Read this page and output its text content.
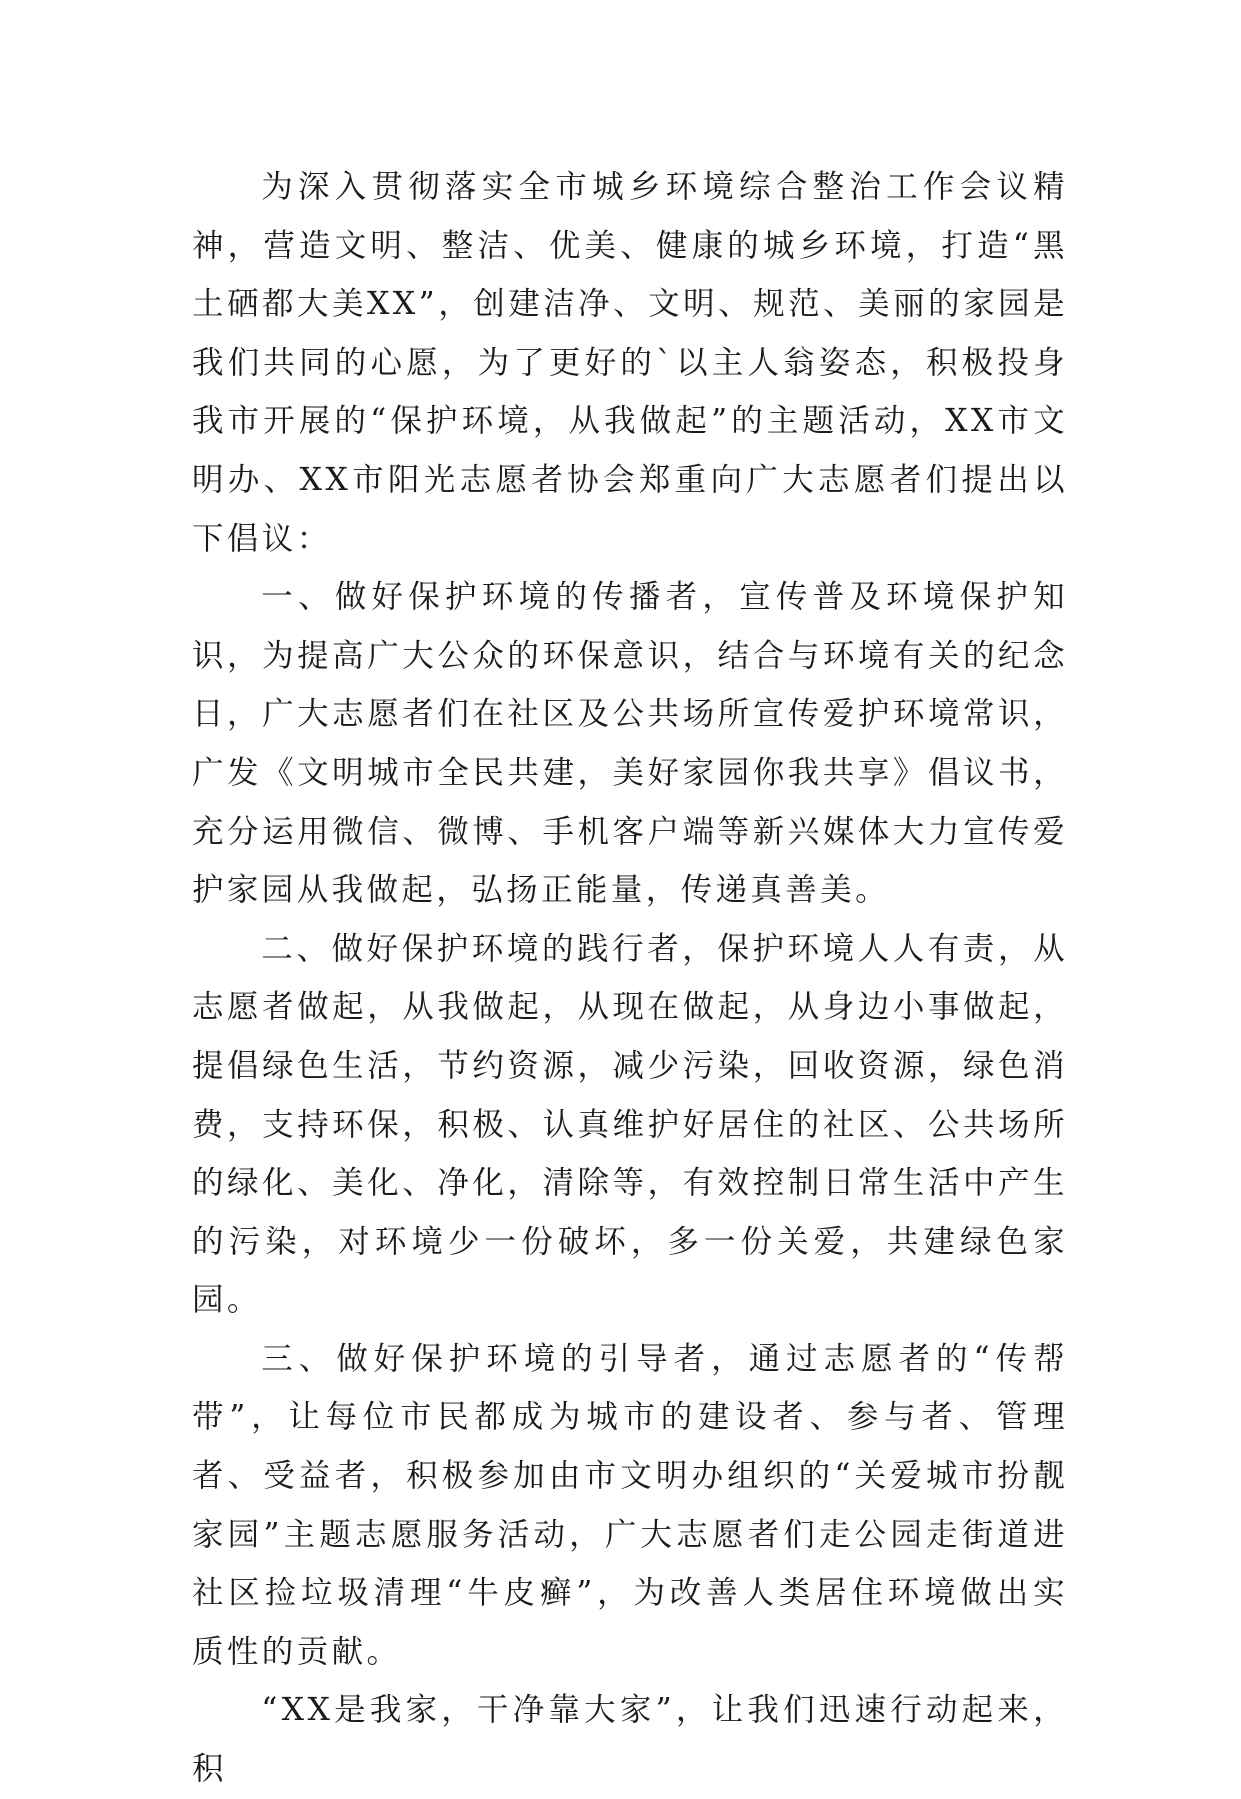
为深入贯彻落实全市城乡环境综合整治工作会议精神，营造文明、整洁、优美、健康的城乡环境，打造“黑土硒都大美XX”，创建洁净、文明、规范、美丽的家园是我们共同的心愿，为了更好的`以主人翁姿态，积极投身我市开展的“保护环境，从我做起”的主题活动，XX市文明办、XX市阳光志愿者协会郑重向广大志愿者们提出以下倡议：

一、做好保护环境的传播者，宣传普及环境保护知识，为提高广大公众的环保意识，结合与环境有关的纪念日，广大志愿者们在社区及公共场所宣传爱护环境常识，广发《文明城市全民共建，美好家园你我共享》倡议书，充分运用微信、微博、手机客户端等新兴媒体大力宣传爱护家园从我做起，弘扬正能量，传递真善美。

二、做好保护环境的践行者，保护环境人人有责，从志愿者做起，从我做起，从现在做起，从身边小事做起，提倡绿色生活，节约资源，减少污染，回收资源，绿色消费，支持环保，积极、认真维护好居住的社区、公共场所的绿化、美化、净化，清除等，有效控制日常生活中产生的污染，对环境少一份破坏，多一份关爱，共建绿色家园。

三、做好保护环境的引导者，通过志愿者的“传帮带”，让每位市民都成为城市的建设者、参与者、管理者、受益者，积极参加由市文明办组织的“关爱城市扮靓家园”主题志愿服务活动，广大志愿者们走公园走街道进社区捡垃圾清理“牛皮癣”，为改善人类居住环境做出实质性的贡献。

“XX是我家，干净靠大家”，让我们迅速行动起来，积
